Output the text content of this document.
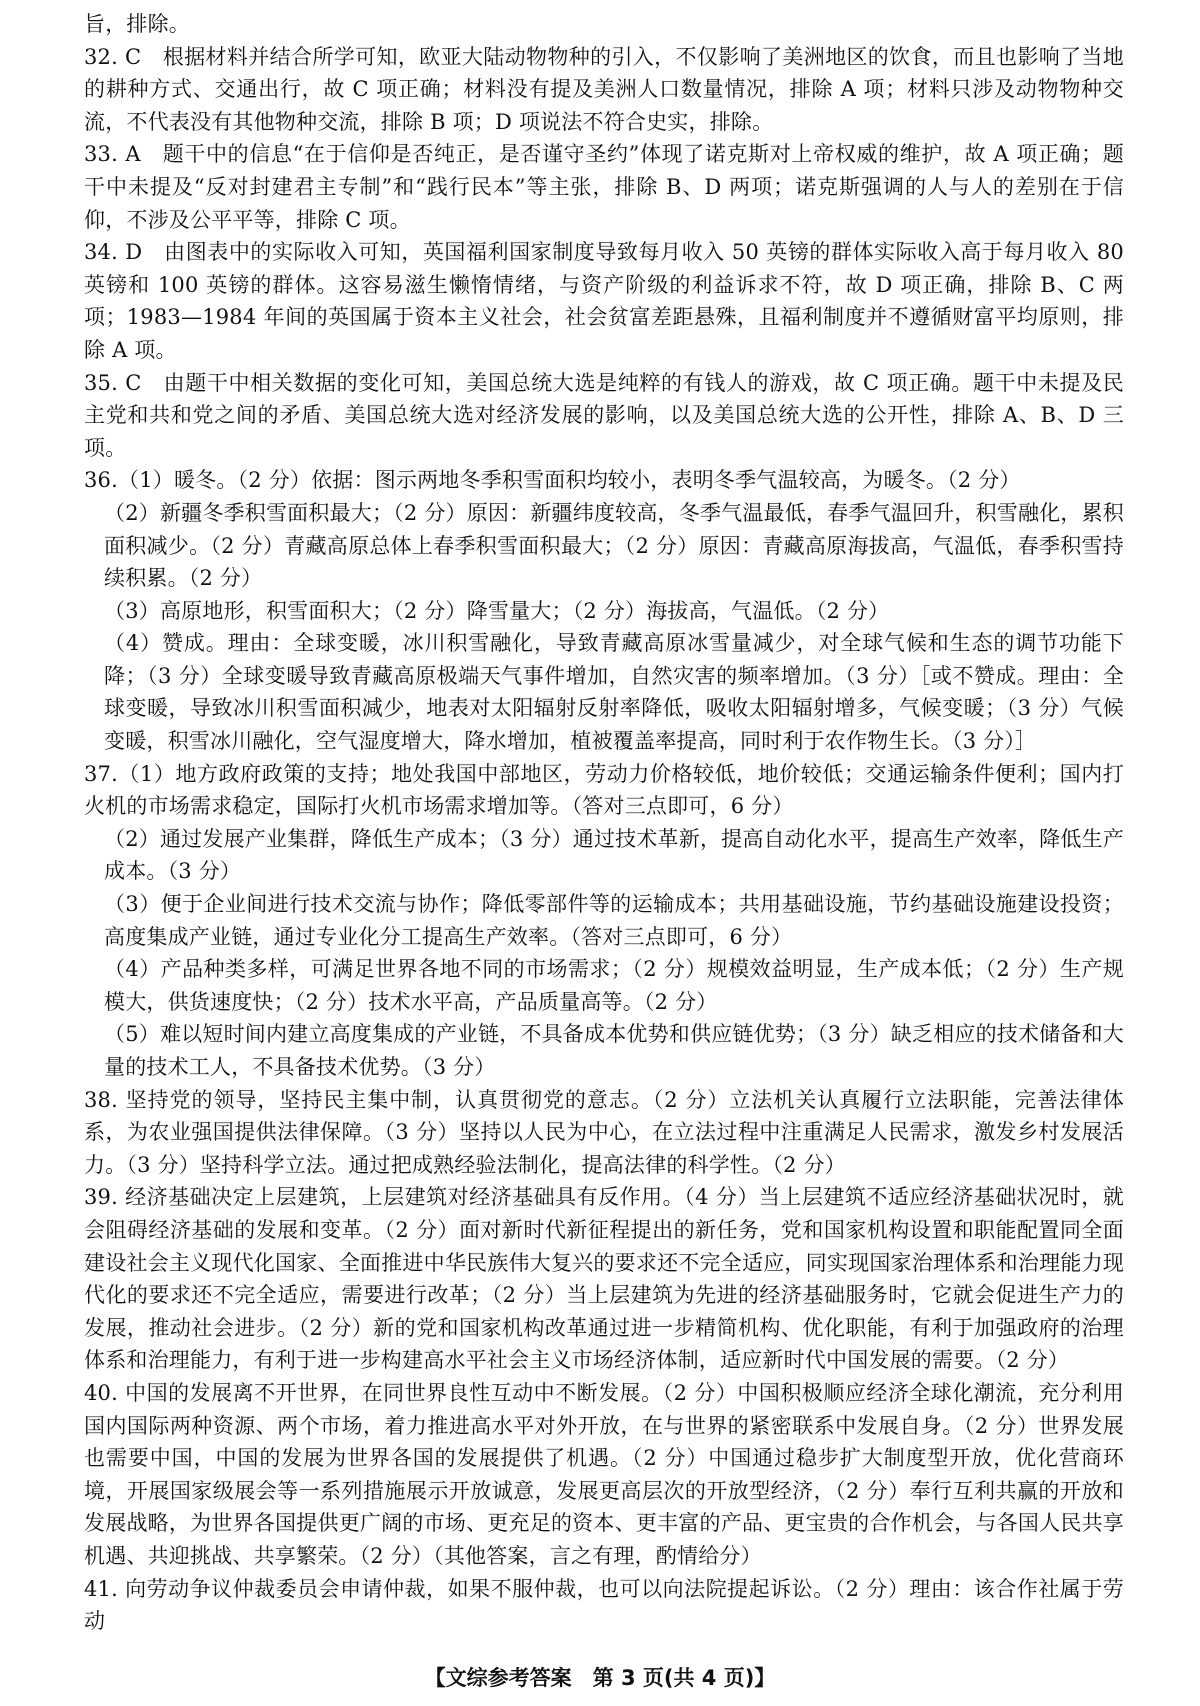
旨，排除。

32. C　根据材料并结合所学可知，欧亚大陆动物物种的引入，不仅影响了美洲地区的饮食，而且也影响了当地的耕种方式、交通出行，故 C 项正确；材料没有提及美洲人口数量情况，排除 A 项；材料只涉及动物物种交流，不代表没有其他物种交流，排除 B 项；D 项说法不符合史实，排除。

33. A　题干中的信息“在于信仰是否纯正，是否谨守圣约”体现了诺克斯对上帝权威的维护，故 A 项正确；题干中未提及“反对封建君主专制”和“践行民本”等主张，排除 B、D 两项；诺克斯强调的人与人的差别在于信仰，不涉及公平平等，排除 C 项。

34. D　由图表中的实际收入可知，英国福利国家制度导致每月收入 50 英镑的群体实际收入高于每月收入 80 英镑和 100 英镑的群体。这容易滋生懒惰情绪，与资产阶级的利益诉求不符，故 D 项正确，排除 B、C 两项；1983—1984 年间的英国属于资本主义社会，社会贫富差距悬殊，且福利制度并不遵循财富平均原则，排除 A 项。

35. C　由题干中相关数据的变化可知，美国总统大选是纯粹的有钱人的游戏，故 C 项正确。题干中未提及民主党和共和党之间的矛盾、美国总统大选对经济发展的影响，以及美国总统大选的公开性，排除 A、B、D 三项。

36.（1）暖冬。（2 分）依据：图示两地冬季积雪面积均较小，表明冬季气温较高，为暖冬。（2 分）

（2）新疆冬季积雪面积最大；（2 分）原因：新疆纬度较高，冬季气温最低，春季气温回升，积雪融化，累积面积减少。（2 分）青藏高原总体上春季积雪面积最大；（2 分）原因：青藏高原海拔高，气温低，春季积雪持续积累。（2 分）

（3）高原地形，积雪面积大；（2 分）降雪量大；（2 分）海拔高，气温低。（2 分）

（4）赞成。理由：全球变暖，冰川积雪融化，导致青藏高原冰雪量减少，对全球气候和生态的调节功能下降；（3 分）全球变暖导致青藏高原极端天气事件增加，自然灾害的频率增加。（3 分）［或不赞成。理由：全球变暖，导致冰川积雪面积减少，地表对太阳辐射反射率降低，吸收太阳辐射增多，气候变暖；（3 分）气候变暖，积雪冰川融化，空气湿度增大，降水增加，植被覆盖率提高，同时利于农作物生长。（3 分）］

37.（1）地方政府政策的支持；地处我国中部地区，劳动力价格较低，地价较低；交通运输条件便利；国内打火机的市场需求稳定，国际打火机市场需求增加等。（答对三点即可，6 分）

（2）通过发展产业集群，降低生产成本；（3 分）通过技术革新，提高自动化水平，提高生产效率，降低生产成本。（3 分）

（3）便于企业间进行技术交流与协作；降低零部件等的运输成本；共用基础设施，节约基础设施建设投资；高度集成产业链，通过专业化分工提高生产效率。（答对三点即可，6 分）

（4）产品种类多样，可满足世界各地不同的市场需求；（2 分）规模效益明显，生产成本低；（2 分）生产规模大，供货速度快；（2 分）技术水平高，产品质量高等。（2 分）

（5）难以短时间内建立高度集成的产业链，不具备成本优势和供应链优势；（3 分）缺乏相应的技术储备和大量的技术工人，不具备技术优势。（3 分）

38. 坚持党的领导，坚持民主集中制，认真贯彻党的意志。（2 分）立法机关认真履行立法职能，完善法律体系，为农业强国提供法律保障。（3 分）坚持以人民为中心，在立法过程中注重满足人民需求，激发乡村发展活力。（3 分）坚持科学立法。通过把成熟经验法制化，提高法律的科学性。（2 分）

39. 经济基础决定上层建筑，上层建筑对经济基础具有反作用。（4 分）当上层建筑不适应经济基础状况时，就会阻碍经济基础的发展和变革。（2 分）面对新时代新征程提出的新任务，党和国家机构设置和职能配置同全面建设社会主义现代化国家、全面推进中华民族伟大复兴的要求还不完全适应，同实现国家治理体系和治理能力现代化的要求还不完全适应，需要进行改革；（2 分）当上层建筑为先进的经济基础服务时，它就会促进生产力的发展，推动社会进步。（2 分）新的党和国家机构改革通过进一步精简机构、优化职能，有利于加强政府的治理体系和治理能力，有利于进一步构建高水平社会主义市场经济体制，适应新时代中国发展的需要。（2 分）

40. 中国的发展离不开世界，在同世界良性互动中不断发展。（2 分）中国积极顺应经济全球化潮流，充分利用国内国际两种资源、两个市场，着力推进高水平对外开放，在与世界的紧密联系中发展自身。（2 分）世界发展也需要中国，中国的发展为世界各国的发展提供了机遇。（2 分）中国通过稳步扩大制度型开放，优化营商环境，开展国家级展会等一系列措施展示开放诚意，发展更高层次的开放型经济，（2 分）奉行互利共赢的开放和发展战略，为世界各国提供更广阔的市场、更充足的资本、更丰富的产品、更宝贵的合作机会，与各国人民共享机遇、共迎挑战、共享繁荣。（2 分）（其他答案，言之有理，酌情给分）

41. 向劳动争议仲裁委员会申请仲裁，如果不服仲裁，也可以向法院提起诉讼。（2 分）理由：该合作社属于劳动

【文综参考答案　第 3 页(共 4 页)】
